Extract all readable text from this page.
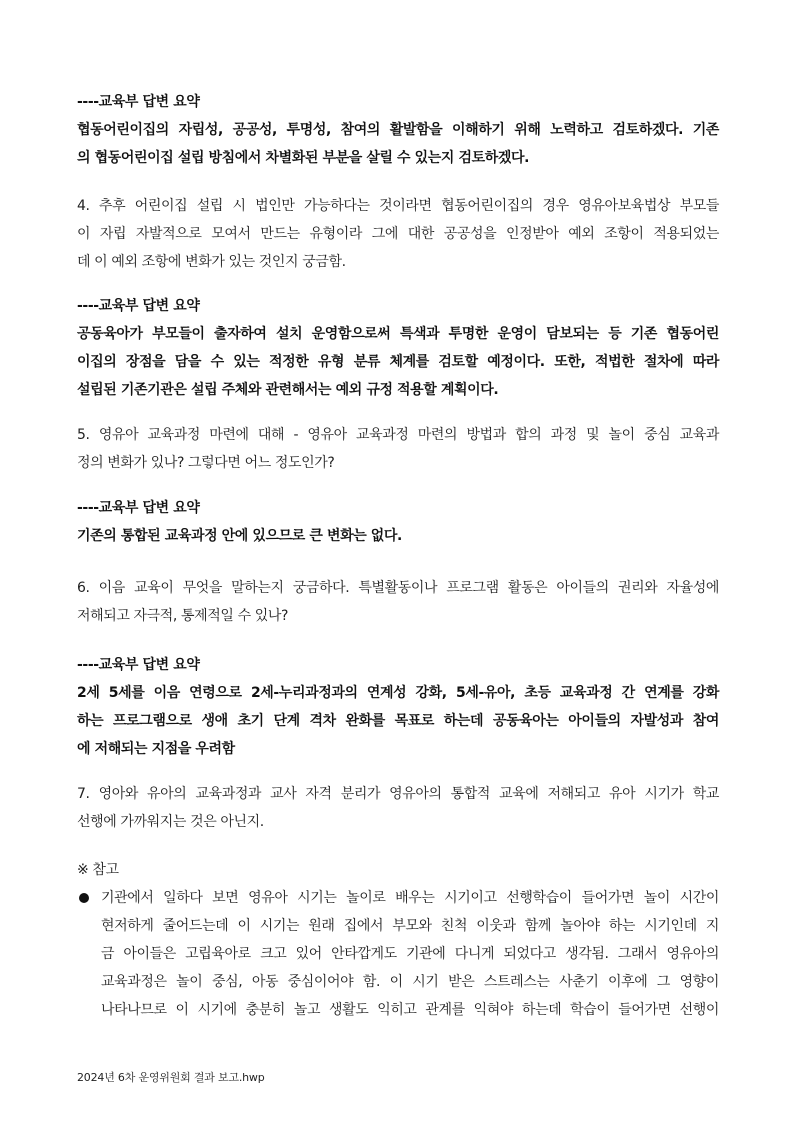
----교육부 답변 요약
협동어린이집의 자립성, 공공성, 투명성, 참여의 활발함을 이해하기 위해 노력하고 검토하겠다. 기존
의 협동어린이집 설립 방침에서 차별화된 부분을 살릴 수 있는지 검토하겠다.
4. 추후 어린이집 설립 시 법인만 가능하다는 것이라면 협동어린이집의 경우 영유아보육법상 부모들
이 자립 자발적으로 모여서 만드는 유형이라 그에 대한 공공성을 인정받아 예외 조항이 적용되었는
데 이 예외 조항에 변화가 있는 것인지 궁금함.
----교육부 답변 요약
공동육아가 부모들이 출자하여 설치 운영함으로써 특색과 투명한 운영이 담보되는 등 기존 협동어린
이집의 장점을 담을 수 있는 적정한 유형 분류 체계를 검토할 예정이다. 또한, 적법한 절차에 따라
설립된 기존기관은 설립 주체와 관련해서는 예외 규정 적용할 계획이다.
5. 영유아 교육과정 마련에 대해 - 영유아 교육과정 마련의 방법과 합의 과정 및 놀이 중심 교육과
정의 변화가 있나? 그렇다면 어느 정도인가?
----교육부 답변 요약
기존의 통합된 교육과정 안에 있으므로 큰 변화는 없다.
6. 이음 교육이 무엇을 말하는지 궁금하다. 특별활동이나 프로그램 활동은 아이들의 권리와 자율성에
저해되고 자극적, 통제적일 수 있나?
----교육부 답변 요약
2세 5세를 이음 연령으로 2세-누리과정과의 연계성 강화, 5세-유아, 초등 교육과정 간 연계를 강화
하는 프로그램으로 생애 초기 단계 격차 완화를 목표로 하는데 공동육아는 아이들의 자발성과 참여
에 저해되는 지점을 우려함
7. 영아와 유아의 교육과정과 교사 자격 분리가 영유아의 통합적 교육에 저해되고 유아 시기가 학교
선행에 가까워지는 것은 아닌지.
※ 참고
기관에서 일하다 보면 영유아 시기는 놀이로 배우는 시기이고 선행학습이 들어가면 놀이 시간이
현저하게 줄어드는데 이 시기는 원래 집에서 부모와 친척 이웃과 함께 놀아야 하는 시기인데 지
금 아이들은 고립육아로 크고 있어 안타깝게도 기관에 다니게 되었다고 생각됨. 그래서 영유아의
교육과정은 놀이 중심, 아동 중심이어야 함. 이 시기 받은 스트레스는 사춘기 이후에 그 영향이
나타나므로 이 시기에 충분히 놀고 생활도 익히고 관계를 익혀야 하는데 학습이 들어가면 선행이
2024년 6차 운영위원회 결과 보고.hwp
